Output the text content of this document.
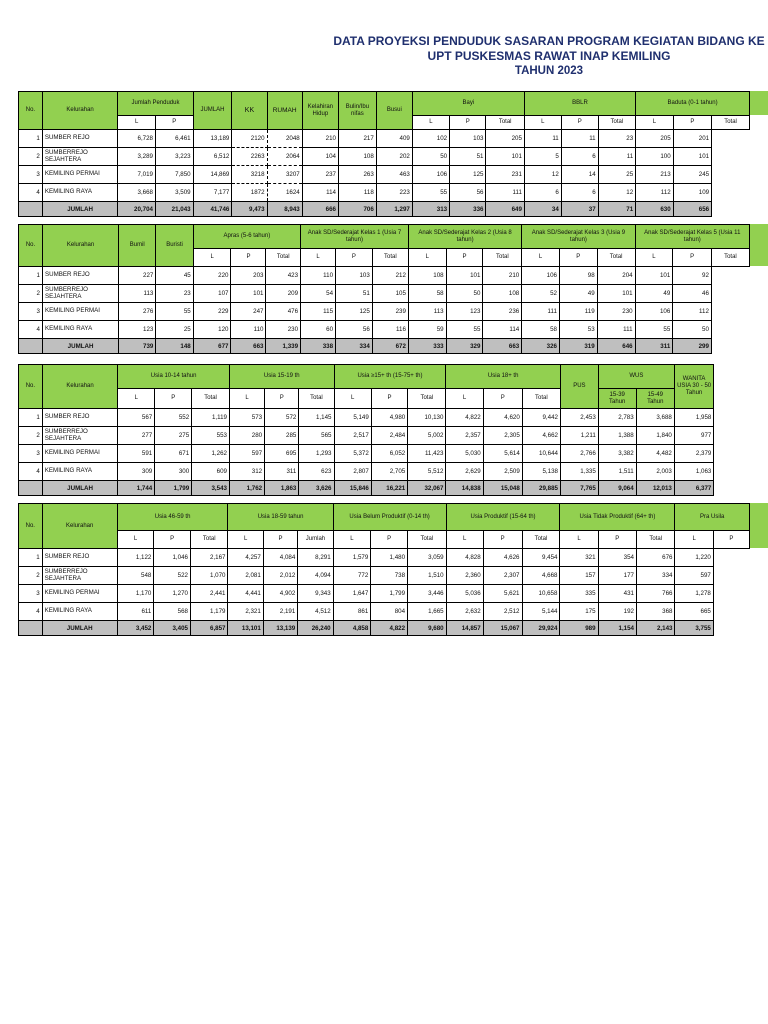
DATA PROYEKSI PENDUDUK SASARAN PROGRAM KEGIATAN BIDANG KE
UPT PUSKESMAS RAWAT INAP KEMILING
TAHUN 2023
No.	Kelurahan	Jumlah Penduduk		JUMLAH	KK	RUMAH	Kelahiran Hidup	Bulin/Ibu nifas	Busui	Bayi			BBLR			Baduta (0-1 tahun)		
		L	P							L	P	Total	L	P	Total	L	P	Total
1	SUMBER REJO	6,728	6,461	13,189	2120	2048	210	217	409	102	103	205	11	11	23	205	201	
2	SUMBERREJO SEJAHTERA	3,289	3,223	6,512	2263	2064	104	108	202	50	51	101	5	6	11	100	101	
3	KEMILING PERMAI	7,019	7,850	14,869	3218	3207	237	263	463	106	125	231	12	14	25	213	245	
4	KEMILING RAYA	3,668	3,509	7,177	1872	1624	114	118	223	55	56	111	6	6	12	112	109	
	JUMLAH	20,704	21,043	41,746	9,473	8,943	666	706	1,297	313	336	649	34	37	71	630	656	
No.	Kelurahan	Bumil	Buristi	Apras (5-6 tahun)			Anak SD/Sederajat Kelas 1 (Usia 7 tahun)			Anak SD/Sederajat Kelas 2 (Usia 8 tahun)			Anak SD/Sederajat Kelas 3 (Usia 9 tahun)			Anak SD/Sederajat Kelas 5 (Usia 11 tahun)		
				L	P	Total	L	P	Total	L	P	Total	L	P	Total	L	P	Total
1	SUMBER REJO	227	45	220	203	423	110	103	212	108	101	210	106	98	204	101	92	
2	SUMBERREJO SEJAHTERA	113	23	107	101	209	54	51	105	58	50	108	52	49	101	49	46	
3	KEMILING PERMAI	276	55	229	247	476	115	125	239	113	123	236	111	119	230	106	112	
4	KEMILING RAYA	123	25	120	110	230	60	56	116	59	55	114	58	53	111	55	50	
	JUMLAH	739	148	677	663	1,339	338	334	672	333	329	663	326	319	646	311	299	
No.	Kelurahan	Usia 10-14 tahun			Usia 15-19 th			Usia ≥15+ th (15-75+ th)			Usia 18+ th			PUS	WUS		WANITA USIA 30 - 50 Tahun
		L	P	Total	L	P	Total	L	P	Total	L	P	Total		15-39 Tahun	15-49 Tahun	
1	SUMBER REJO	567	552	1,119	573	572	1,145	5,149	4,980	10,130	4,822	4,620	9,442	2,453	2,783	3,688	1,958
2	SUMBERREJO SEJAHTERA	277	275	553	280	285	565	2,517	2,484	5,002	2,357	2,305	4,662	1,211	1,388	1,840	977
3	KEMILING PERMAI	591	671	1,262	597	695	1,293	5,372	6,052	11,423	5,030	5,614	10,644	2,766	3,382	4,482	2,379
4	KEMILING RAYA	309	300	609	312	311	623	2,807	2,705	5,512	2,629	2,509	5,138	1,335	1,511	2,003	1,063
	JUMLAH	1,744	1,799	3,543	1,762	1,863	3,626	15,846	16,221	32,067	14,838	15,048	29,885	7,765	9,064	12,013	6,377
No.	Kelurahan	Usia 46-59 th			Usia 18-59 tahun			Usia Belum Produktif (0-14 th)			Usia Produktif (15-64 th)			Usia Tidak Produktif (64+ th)			Pra Usila	
		L	P	Total	L	P	Jumlah	L	P	Total	L	P	Total	L	P	Total	L	P
1	SUMBER REJO	1,122	1,046	2,167	4,257	4,084	8,291	1,579	1,480	3,059	4,828	4,626	9,454	321	354	676	1,220	
2	SUMBERREJO SEJAHTERA	548	522	1,070	2,081	2,012	4,094	772	738	1,510	2,360	2,307	4,668	157	177	334	597	
3	KEMILING PERMAI	1,170	1,270	2,441	4,441	4,902	9,343	1,647	1,799	3,446	5,036	5,621	10,658	335	431	766	1,278	
4	KEMILING RAYA	611	568	1,179	2,321	2,191	4,512	861	804	1,665	2,632	2,512	5,144	175	192	368	665	
	JUMLAH	3,452	3,405	6,857	13,101	13,139	26,240	4,858	4,822	9,680	14,857	15,067	29,924	989	1,154	2,143	3,755	
